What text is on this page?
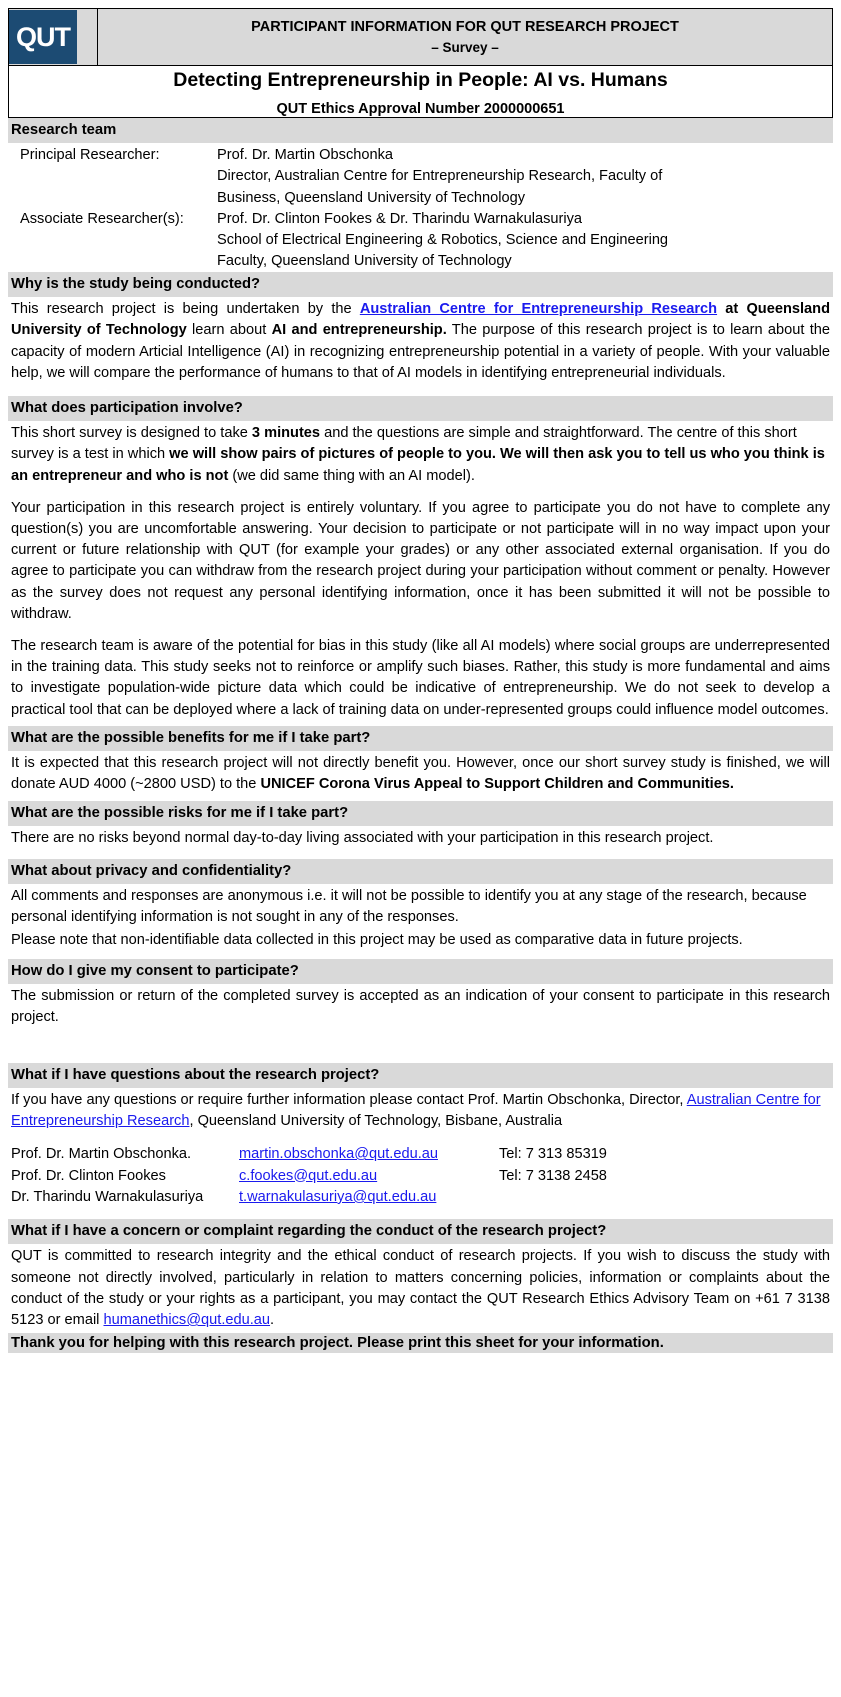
QUT	PARTICIPANT INFORMATION FOR QUT RESEARCH PROJECT
– Survey –

Detecting Entrepreneurship in People: AI vs. Humans
QUT Ethics Approval Number 2000000651
Research team
Principal Researcher:	Prof. Dr. Martin Obschonka
Director, Australian Centre for Entrepreneurship Research, Faculty of
Business, Queensland University of Technology
Associate Researcher(s):	Prof. Dr. Clinton Fookes & Dr. Tharindu Warnakulasuriya
School of Electrical Engineering & Robotics, Science and Engineering
Faculty, Queensland University of Technology
Why is the study being conducted?

This research project is being undertaken by the Australian Centre for Entrepreneurship Research at Queensland University of Technology learn about AI and entrepreneurship. The purpose of this research project is to learn about the capacity of modern Articial Intelligence (AI) in recognizing entrepreneurship potential in a variety of people. With your valuable help, we will compare the performance of humans to that of AI models in identifying entrepreneurial individuals.

What does participation involve?

This short survey is designed to take 3 minutes and the questions are simple and straightforward. The centre of this short survey is a test in which we will show pairs of pictures of people to you. We will then ask you to tell us who you think is an entrepreneur and who is not (we did same thing with an AI model).

Your participation in this research project is entirely voluntary. If you agree to participate you do not have to complete any question(s) you are uncomfortable answering. Your decision to participate or not participate will in no way impact upon your current or future relationship with QUT (for example your grades) or any other associated external organisation. If you do agree to participate you can withdraw from the research project during your participation without comment or penalty. However as the survey does not request any personal identifying information, once it has been submitted it will not be possible to withdraw.

The research team is aware of the potential for bias in this study (like all AI models) where social groups are underrepresented in the training data. This study seeks not to reinforce or amplify such biases. Rather, this study is more fundamental and aims to investigate population-wide picture data which could be indicative of entrepreneurship. We do not seek to develop a practical tool that can be deployed where a lack of training data on under-represented groups could influence model outcomes.

What are the possible benefits for me if I take part?

It is expected that this research project will not directly benefit you. However, once our short survey study is finished, we will donate AUD 4000 (~2800 USD) to the UNICEF Corona Virus Appeal to Support Children and Communities.

What are the possible risks for me if I take part?

There are no risks beyond normal day-to-day living associated with your participation in this research project.

What about privacy and confidentiality?

All comments and responses are anonymous i.e. it will not be possible to identify you at any stage of the research, because personal identifying information is not sought in any of the responses.

Please note that non-identifiable data collected in this project may be used as comparative data in future projects.

How do I give my consent to participate?

The submission or return of the completed survey is accepted as an indication of your consent to participate in this research project.

What if I have questions about the research project?

If you have any questions or require further information please contact Prof. Martin Obschonka, Director, Australian Centre for Entrepreneurship Research, Queensland University of Technology, Bisbane, Australia

Prof. Dr. Martin Obschonka.	martin.obschonka@qut.edu.au	Tel: 7 313 85319
Prof. Dr. Clinton Fookes	c.fookes@qut.edu.au	Tel: 7 3138 2458
Dr. Tharindu Warnakulasuriya	t.warnakulasuriya@qut.edu.au
What if I have a concern or complaint regarding the conduct of the research project?

QUT is committed to research integrity and the ethical conduct of research projects. If you wish to discuss the study with someone not directly involved, particularly in relation to matters concerning policies, information or complaints about the conduct of the study or your rights as a participant, you may contact the QUT Research Ethics Advisory Team on +61 7 3138 5123 or email humanethics@qut.edu.au.

Thank you for helping with this research project. Please print this sheet for your information.
